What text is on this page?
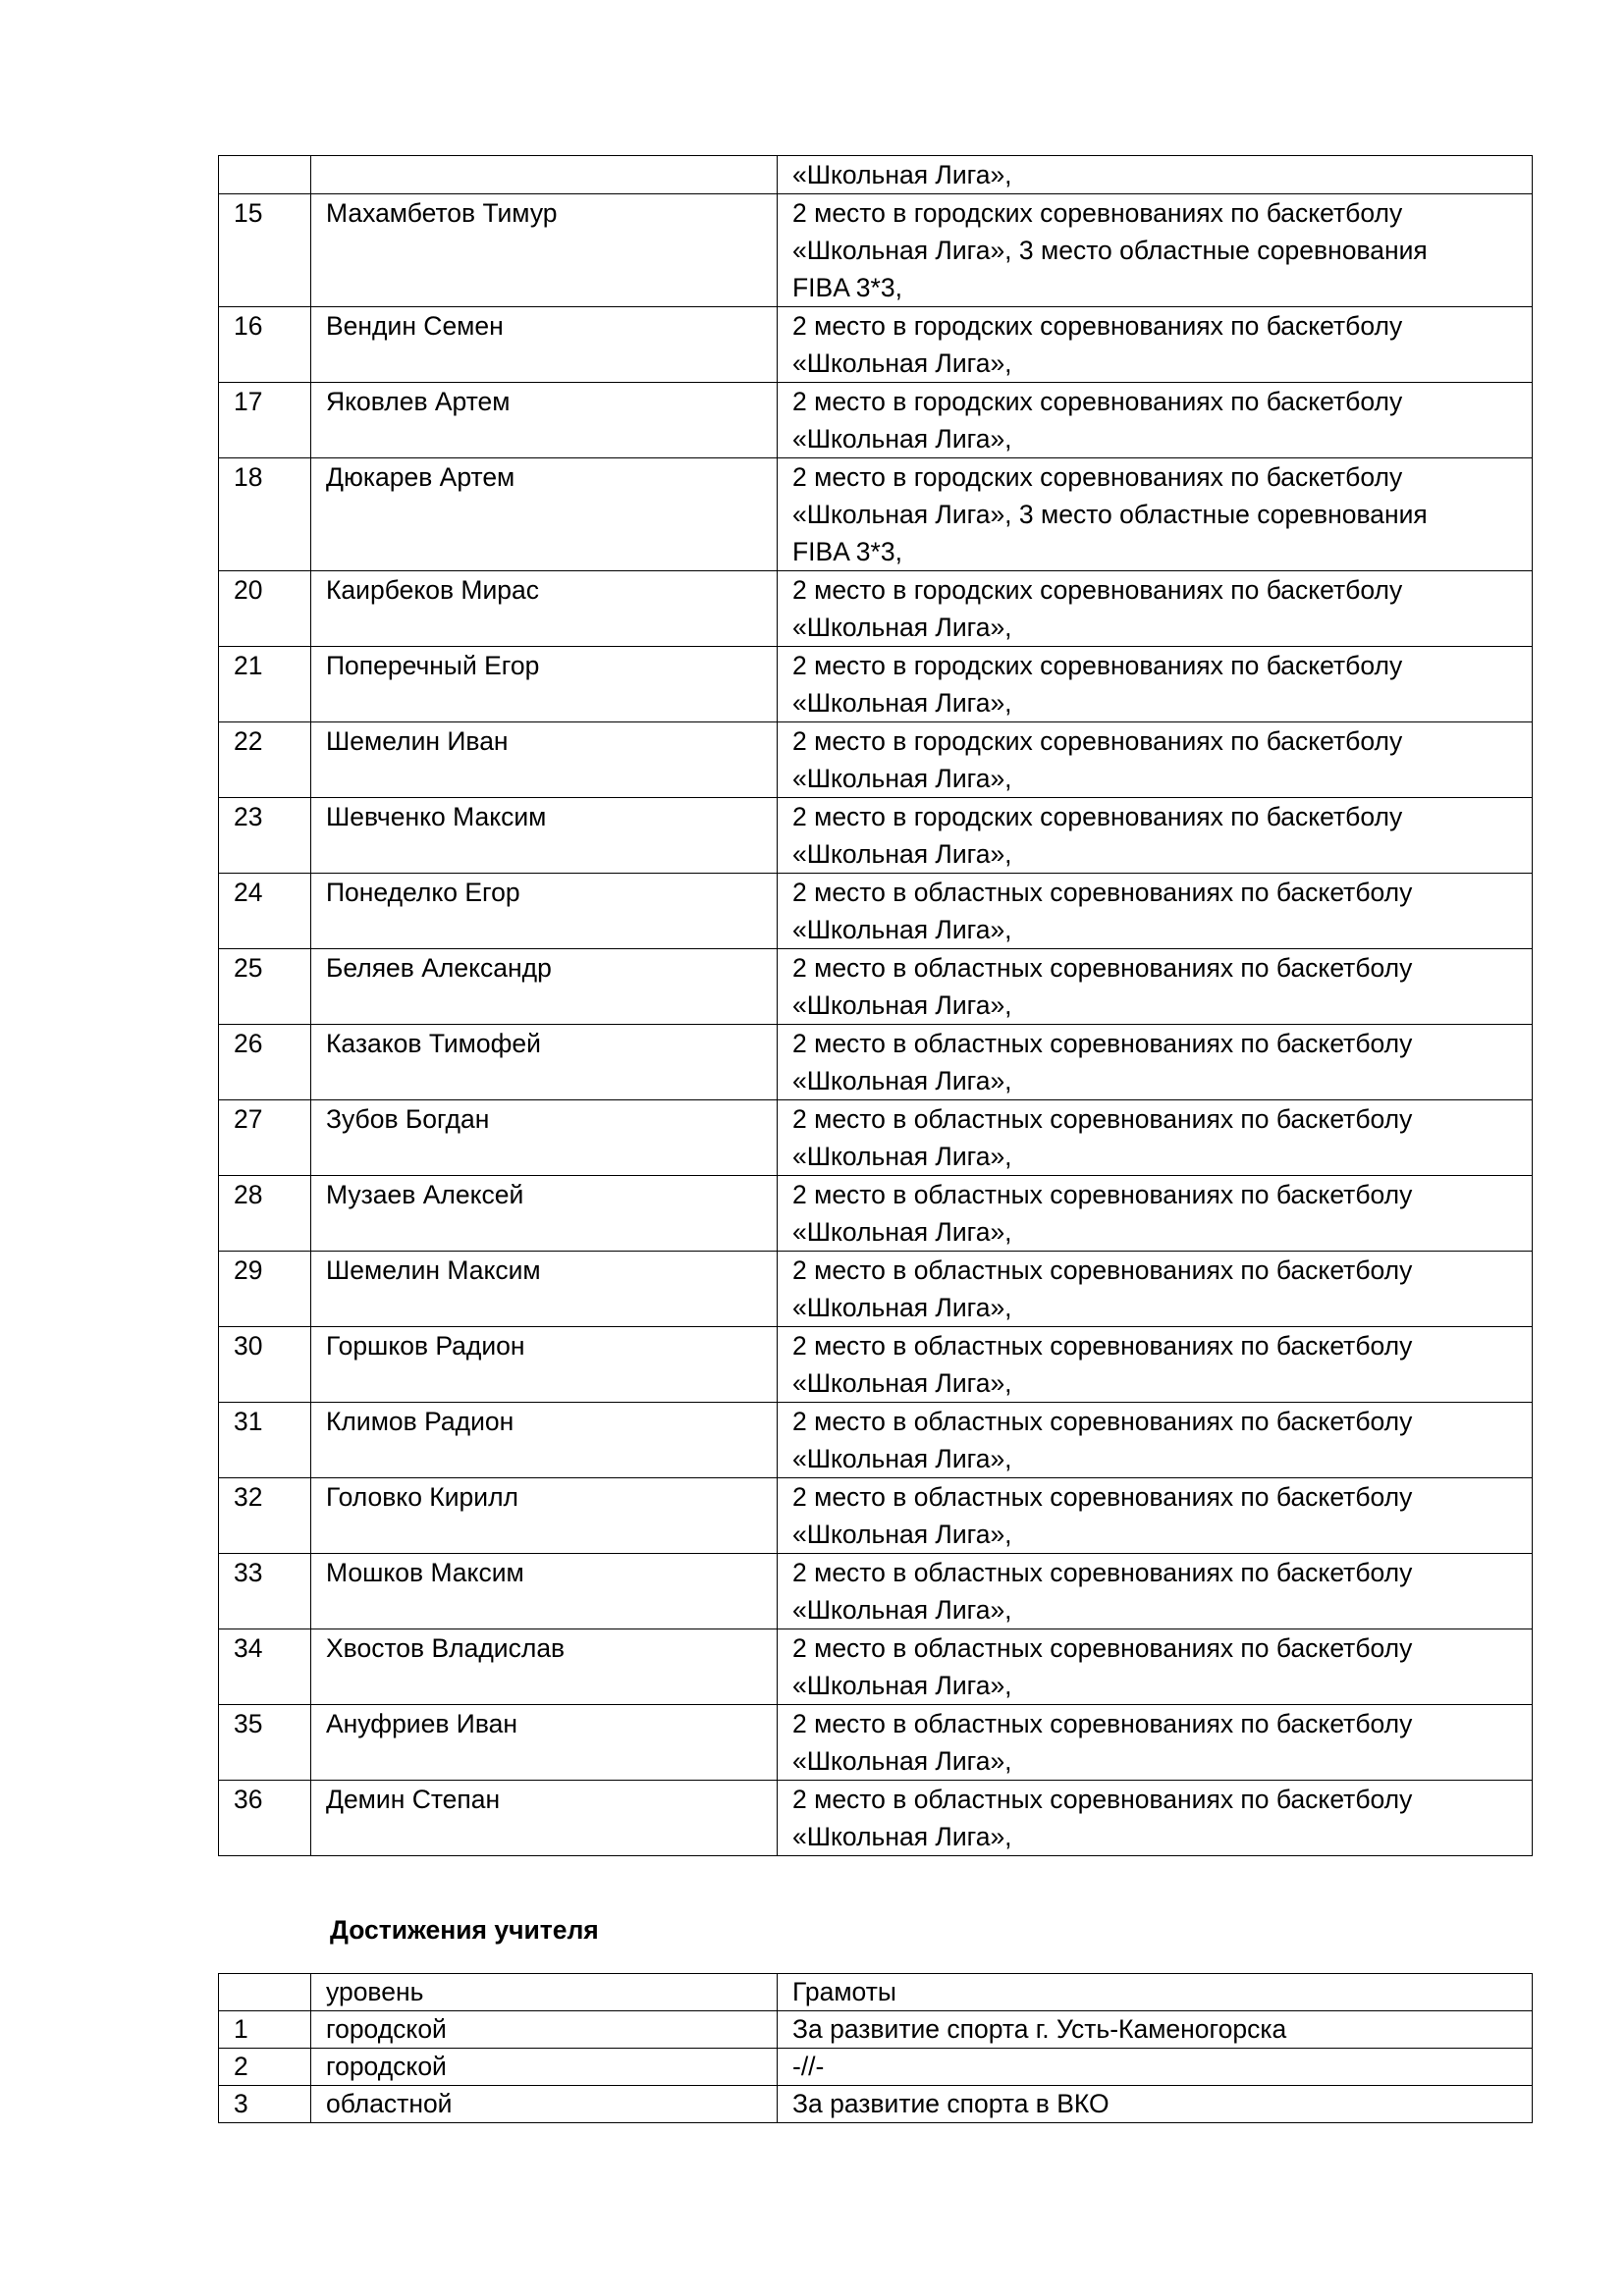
		«Школьная Лига»,

15	Махамбетов Тимур	2 место в городских соревнованиях по баскетболу
«Школьная Лига», 3 место областные соревнования
FIBA 3*3,

16	Вендин Семен	2 место в городских соревнованиях по баскетболу
«Школьная Лига»,

17	Яковлев Артем	2 место в городских соревнованиях по баскетболу
«Школьная Лига»,

18	Дюкарев Артем	2 место в городских соревнованиях по баскетболу
«Школьная Лига», 3 место областные соревнования
FIBA 3*3,

20	Каирбеков Мирас	2 место в городских соревнованиях по баскетболу
«Школьная Лига»,

21	Поперечный Егор	2 место в городских соревнованиях по баскетболу
«Школьная Лига»,

22	Шемелин Иван	2 место в городских соревнованиях по баскетболу
«Школьная Лига»,

23	Шевченко Максим	2 место в городских соревнованиях по баскетболу
«Школьная Лига»,

24	Понеделко Егор	2 место в областных соревнованиях по баскетболу
«Школьная Лига»,

25	Беляев Александр	2 место в областных соревнованиях по баскетболу
«Школьная Лига»,

26	Казаков Тимофей	2 место в областных соревнованиях по баскетболу
«Школьная Лига»,

27	Зубов Богдан	2 место в областных соревнованиях по баскетболу
«Школьная Лига»,

28	Музаев Алексей	2 место в областных соревнованиях по баскетболу
«Школьная Лига»,

29	Шемелин Максим	2 место в областных соревнованиях по баскетболу
«Школьная Лига»,

30	Горшков Радион	2 место в областных соревнованиях по баскетболу
«Школьная Лига»,

31	Климов Радион	2 место в областных соревнованиях по баскетболу
«Школьная Лига»,

32	Головко Кирилл	2 место в областных соревнованиях по баскетболу
«Школьная Лига»,

33	Мошков Максим	2 место в областных соревнованиях по баскетболу
«Школьная Лига»,

34	Хвостов Владислав	2 место в областных соревнованиях по баскетболу
«Школьная Лига»,

35	Ануфриев Иван	2 место в областных соревнованиях по баскетболу
«Школьная Лига»,

36	Демин Степан	2 место в областных соревнованиях по баскетболу
«Школьная Лига»,
Достижения учителя
	уровень	Грамоты
1	городской	За развитие спорта г. Усть-Каменогорска
2	городской	-//-
3	областной	За развитие спорта в ВКО
